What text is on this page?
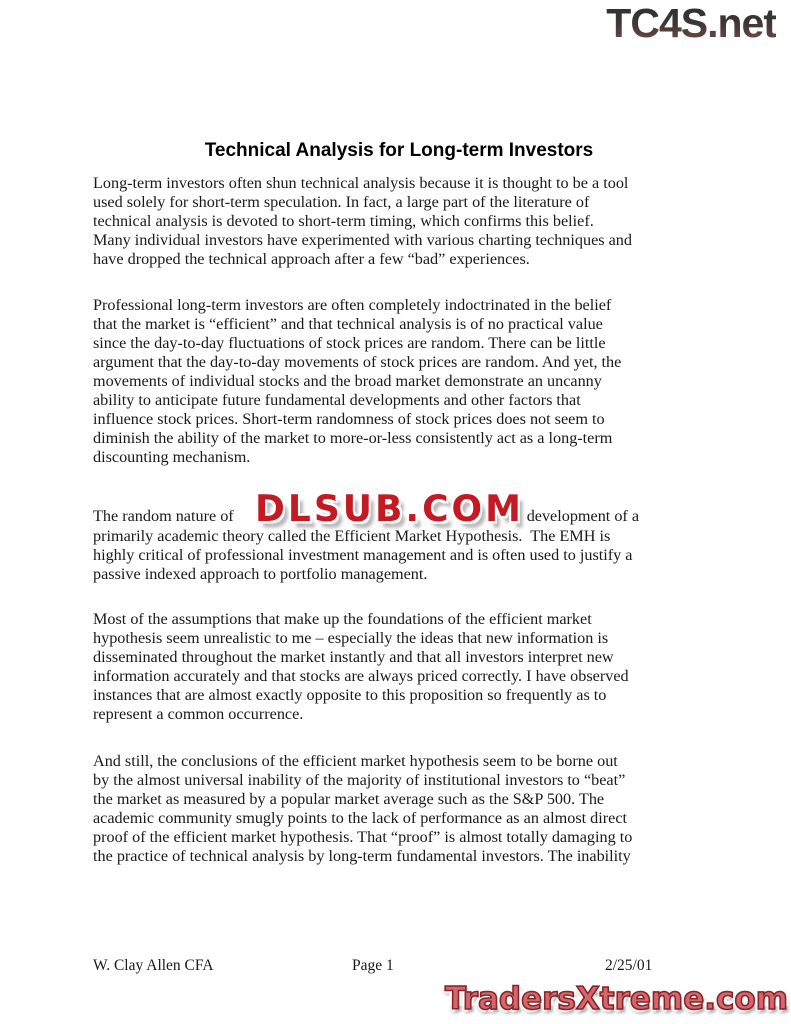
TC4S.net
Technical Analysis for Long-term Investors
Long-term investors often shun technical analysis because it is thought to be a tool
used solely for short-term speculation. In fact, a large part of the literature of
technical analysis is devoted to short-term timing, which confirms this belief.
Many individual investors have experimented with various charting techniques and
have dropped the technical approach after a few “bad” experiences.
Professional long-term investors are often completely indoctrinated in the belief
that the market is “efficient” and that technical analysis is of no practical value
since the day-to-day fluctuations of stock prices are random. There can be little
argument that the day-to-day movements of stock prices are random. And yet, the
movements of individual stocks and the broad market demonstrate an uncanny
ability to anticipate future fundamental developments and other factors that
influence stock prices. Short-term randomness of stock prices does not seem to
diminish the ability of the market to more-or-less consistently act as a long-term
discounting mechanism.
The random nature of	development of a
DLSUB.COM
primarily academic theory called the Efficient Market Hypothesis.  The EMH is
highly critical of professional investment management and is often used to justify a
passive indexed approach to portfolio management.
Most of the assumptions that make up the foundations of the efficient market
hypothesis seem unrealistic to me – especially the ideas that new information is
disseminated throughout the market instantly and that all investors interpret new
information accurately and that stocks are always priced correctly. I have observed
instances that are almost exactly opposite to this proposition so frequently as to
represent a common occurrence.
And still, the conclusions of the efficient market hypothesis seem to be borne out
by the almost universal inability of the majority of institutional investors to “beat”
the market as measured by a popular market average such as the S&P 500. The
academic community smugly points to the lack of performance as an almost direct
proof of the efficient market hypothesis. That “proof” is almost totally damaging to
the practice of technical analysis by long-term fundamental investors. The inability
W. Clay Allen CFA	Page 1	2/25/01
TradersXtreme.com
